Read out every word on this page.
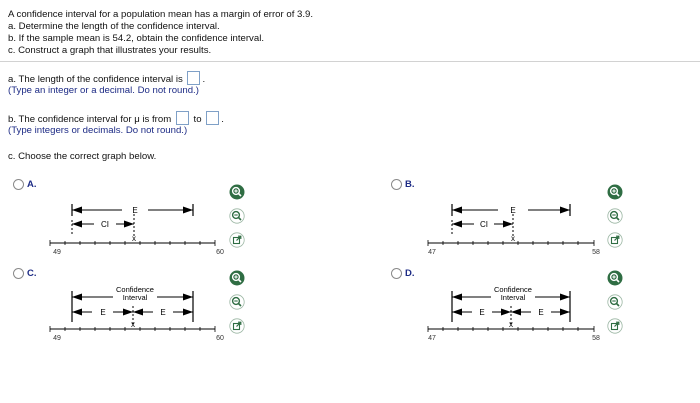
A confidence interval for a population mean has a margin of error of 3.9.
a. Determine the length of the confidence interval.
b. If the sample mean is 54.2, obtain the confidence interval.
c. Construct a graph that illustrates your results.
a. The length of the confidence interval is .
(Type an integer or a decimal. Do not round.)
b. The confidence interval for μ is from to .
(Type integers or decimals. Do not round.)
c. Choose the correct graph below.
A.
E
CI
x
49	60
B.
E
CI
x
47	58
C.
Confidence
Interval
E	E
x
49	60
D.
Confidence
Interval
E	E
x
47	58
